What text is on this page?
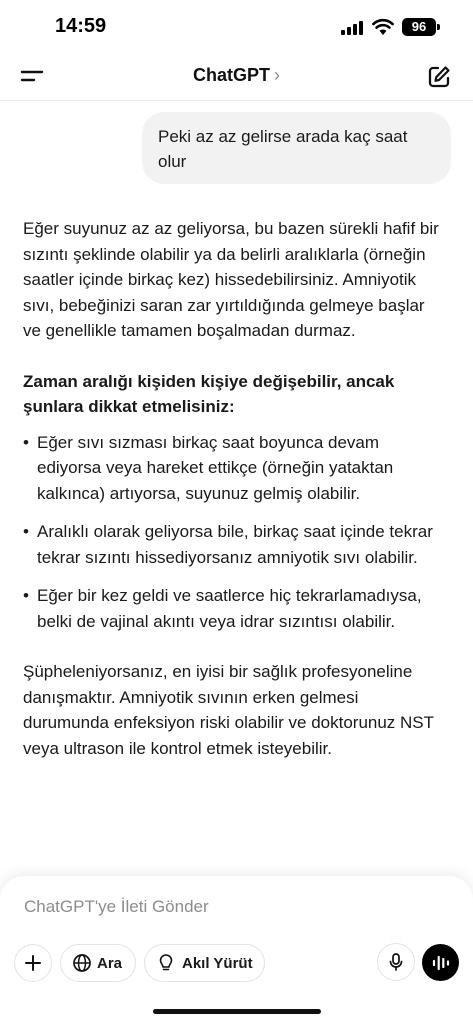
14:59	96
ChatGPT ›
Peki az az gelirse arada kaç saat olur

Eğer suyunuz az az geliyorsa, bu bazen sürekli hafif bir sızıntı şeklinde olabilir ya da belirli aralıklarla (örneğin saatler içinde birkaç kez) hissedebilirsiniz. Amniyotik sıvı, bebeğinizi saran zar yırtıldığında gelmeye başlar ve genellikle tamamen boşalmadan durmaz.

Zaman aralığı kişiden kişiye değişebilir, ancak şunlara dikkat etmelisiniz:

• Eğer sıvı sızması birkaç saat boyunca devam ediyorsa veya hareket ettikçe (örneğin yataktan kalkınca) artıyorsa, suyunuz gelmiş olabilir.
• Aralıklı olarak geliyorsa bile, birkaç saat içinde tekrar tekrar sızıntı hissediyorsanız amniyotik sıvı olabilir.
• Eğer bir kez geldi ve saatlerce hiç tekrarlamadıysa, belki de vajinal akıntı veya idrar sızıntısı olabilir.

Şüpheleniyorsanız, en iyisi bir sağlık profesyoneline danışmaktır. Amniyotik sıvının erken gelmesi durumunda enfeksiyon riski olabilir ve doktorunuz NST veya ultrason ile kontrol etmek isteyebilir.

ChatGPT'ye İleti Gönder
Ara	Akıl Yürüt
